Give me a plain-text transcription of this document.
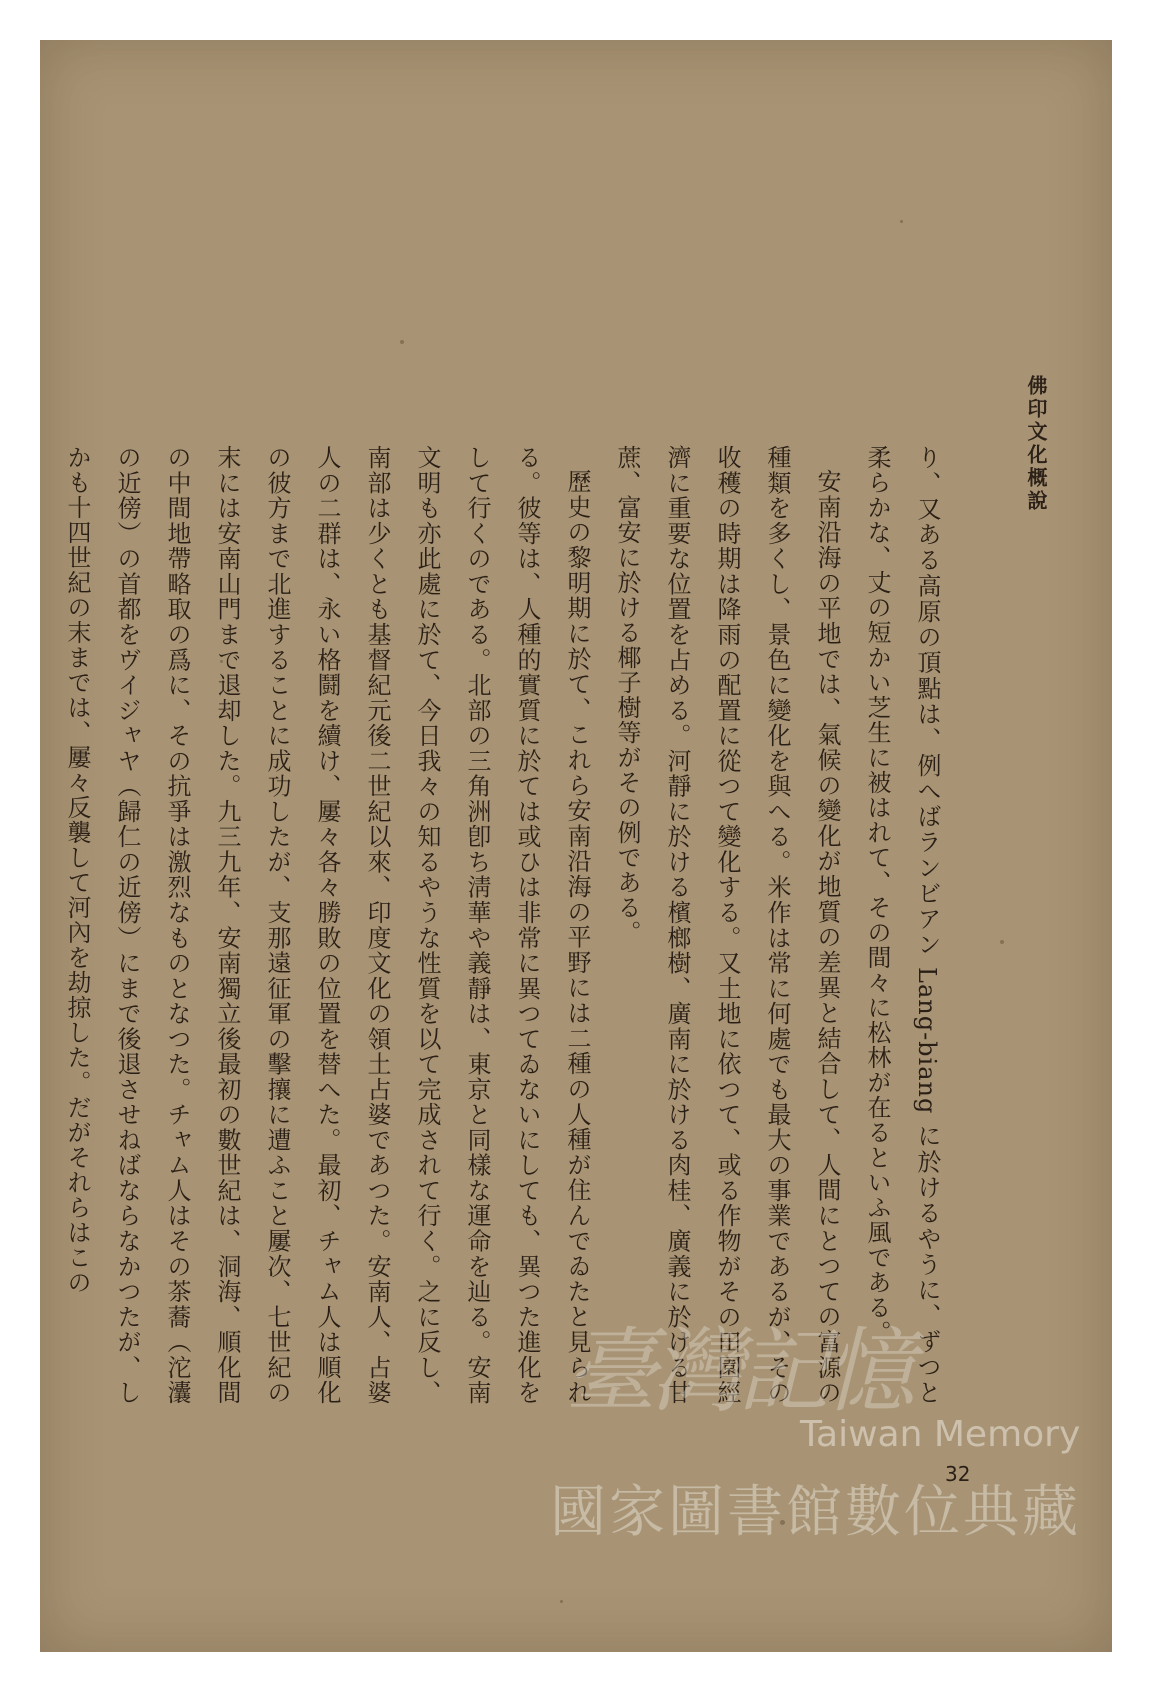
佛印文化概說

り、又ある高原の頂點は、例へばランビアン Lang-biang に於けるやうに、ずつと柔らかな、丈の短かい芝生に被はれて、その間々に松林が在るといふ風である。

安南沿海の平地では、氣候の變化が地質の差異と結合して、人間にとつての富源の種類を多くし、景色に變化を與へる。米作は常に何處でも最大の事業であるが、その收穫の時期は降雨の配置に從つて變化する。又土地に依つて、或る作物がその田園經濟に重要な位置を占める。河靜に於ける檳榔樹、廣南に於ける肉桂、廣義に於ける甘蔗、富安に於ける椰子樹等がその例である。

歷史の黎明期に於て、これら安南沿海の平野には二種の人種が住んでゐたと見られる。彼等は、人種的實質に於ては或ひは非常に異つてゐないにしても、異つた進化をして行くのである。北部の三角洲卽ち淸華や義靜は、東京と同樣な運命を辿る。安南文明も亦此處に於て、今日我々の知るやうな性質を以て完成されて行く。之に反し、南部は少くとも基督紀元後二世紀以來、印度文化の領土占婆であつた。安南人、占婆人の二群は、永い格鬪を續け、屢々各々勝敗の位置を替へた。最初、チャム人は順化の彼方まで北進することに成功したが、支那遠征軍の擊攘に遭ふこと屢次、七世紀の末には安南山門まで退却した。九三九年、安南獨立後最初の數世紀は、洞海、順化間の中間地帶略取の爲に、その抗爭は激烈なものとなつた。チャム人はその茶蕎（沱灢の近傍）の首都をヴイジャヤ（歸仁の近傍）にまで後退させねばならなかつたが、しかも十四世紀の末までは、屢々反襲して河內を劫掠した。だがそれらはこの

32
臺灣記憶
Taiwan Memory
國家圖書館數位典藏
